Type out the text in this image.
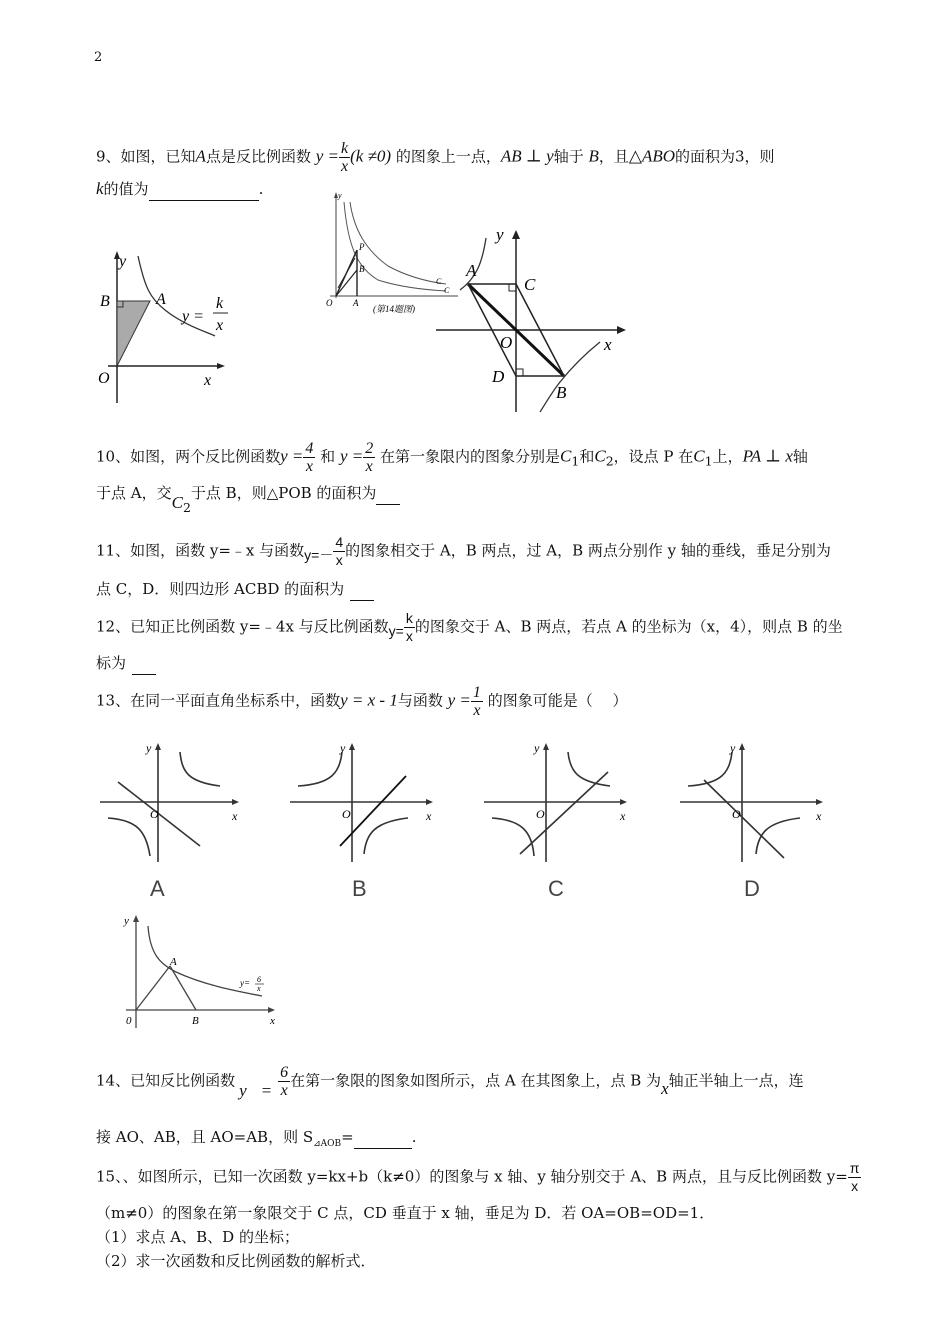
2
9、如图，已知A点是反比例函数 $y = \frac{k}{x} (k \ne 0)$ 的图象上一点，AB ⊥ y轴于 B，且△ABO的面积为3，则
k的值为	.
y
B	A
y =
k
x
O	x
y
P
B
C
C
O A
(第14题图)
y
A
C
O	x
D
B
10、如图，两个反比例函数$y = \frac{4}{x}$ 和 $y = \frac{2}{x}$ 在第一象限内的图象分别是$C_1$和$C_2$，设点 P 在$C_1$上，PA ⊥ x轴
于点 A，交$C_2$于点 B，则△POB 的面积为
11、如图，函数 y=﹣x 与函数$y=- \frac{4}{x}$ 的图象相交于 A，B 两点，过 A，B 两点分别作 y 轴的垂线，垂足分别为
点 C，D．则四边形 ACBD 的面积为
12、已知正比例函数 y=﹣4x 与反比例函数$y= \frac{k}{x}$ 的图象交于 A、B 两点，若点 A 的坐标为（x，4），则点 B 的坐
标为
13、在同一平面直角坐标系中，函数y = x - 1与函数 $y = \frac{1}{x}$ 的图象可能是（　 ）
y
x
O
y
x
O
y
x
O
y
x
O
A	B	C	D
y
A
y= 6
x
0	B	x
14、已知反比例函数 $y = \frac{6}{x}$ 在第一象限的图象如图所示，点 A 在其图象上，点 B 为x轴正半轴上一点，连
接 AO、AB，且 AO=AB，则 $S_{⊿AOB}=$	.
15、、如图所示，已知一次函数 y=kx+b（k≠0）的图象与 x 轴、y 轴分别交于 A、B 两点，且与反比例函数 $y= \frac{\pi}{x}$
（m≠0）的图象在第一象限交于 C 点，CD 垂直于 x 轴，垂足为 D．若 OA=OB=OD=1．
（1）求点 A、B、D 的坐标；
（2）求一次函数和反比例函数的解析式．
